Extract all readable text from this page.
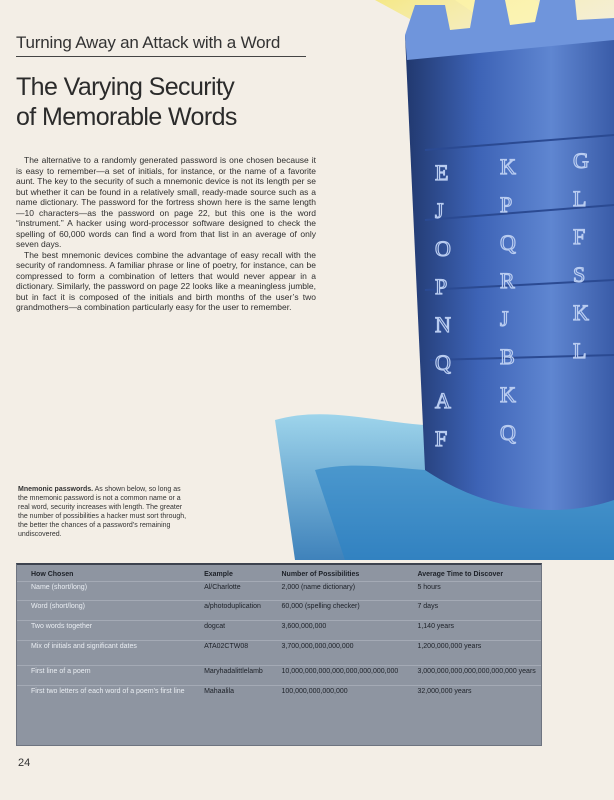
Turning Away an Attack with a Word
The Varying Security
of Memorable Words

The alternative to a randomly generated password is one chosen because it is easy to remember—a set of initials, for instance, or the name of a favorite aunt. The key to the security of such a mnemonic device is not its length per se but whether it can be found in a relatively small, ready-made source such as a name dictionary. The password for the fortress shown here is the same length—10 characters—as the password on page 22, but this one is the word “instrument.” A hacker using word-processor software designed to check the spelling of 60,000 words can find a word from that list in an average of only seven days.

The best mnemonic devices combine the advantage of easy recall with the security of randomness. A familiar phrase or line of poetry, for instance, can be compressed to form a combination of letters that would never appear in a dictionary. Similarly, the password on page 22 looks like a meaningless jumble, but in fact it is composed of the initials and birth months of the user’s two grandmothers—a combination particularly easy for the user to remember.

E
J
O
P
N
Q
A
F
K
P
Q
R
J
B
K
Q
G
L
F
S
K
L
Mnemonic passwords. As shown below, so long as the mnemonic password is not a common name or a real word, security increases with length. The greater the number of possibilities a hacker must sort through, the better the chances of a password’s remaining undiscovered.
How Chosen	Example	Number of Possibilities	Average Time to Discover
Name (short/long)	Al/Charlotte	2,000 (name dictionary)	5 hours
Word (short/long)	a/photoduplication	60,000 (spelling checker)	7 days
Two words together	dogcat	3,600,000,000	1,140 years
Mix of initials and significant dates	ATA02CTW08	3,700,000,000,000,000	1,200,000,000 years
First line of a poem	Maryhadalittlelamb	10,000,000,000,000,000,000,000,000	3,000,000,000,000,000,000,000 years
First two letters of each word of a poem’s first line	Mahaalila	100,000,000,000,000	32,000,000 years
24
